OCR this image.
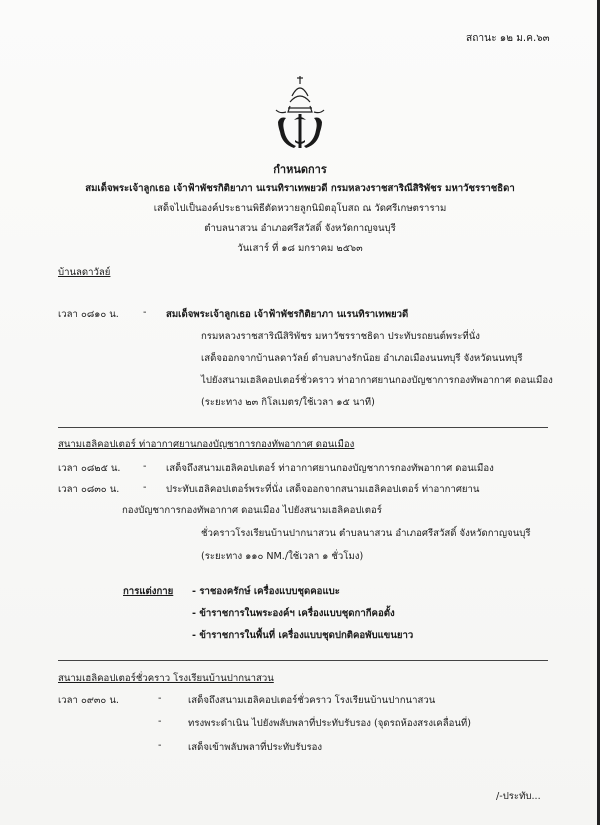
สถานะ ๑๒ ม.ค.๖๓
กำหนดการ
สมเด็จพระเจ้าลูกเธอ เจ้าฟ้าพัชรกิติยาภา นเรนทิราเทพยวดี กรมหลวงราชสาริณีสิริพัชร มหาวัชรราชธิดา
เสด็จไปเป็นองค์ประธานพิธีตัดหวายลูกนิมิตอุโบสถ ณ วัดศรีเกษตราราม
ตำบลนาสวน อำเภอศรีสวัสดิ์ จังหวัดกาญจนบุรี
วันเสาร์ ที่ ๑๘ มกราคม ๒๕๖๓
บ้านลดาวัลย์
เวลา ๐๘๑๐ น.	- สมเด็จพระเจ้าลูกเธอ เจ้าฟ้าพัชรกิติยาภา นเรนทิราเทพยวดี
กรมหลวงราชสาริณีสิริพัชร มหาวัชรราชธิดา ประทับรถยนต์พระที่นั่ง
เสด็จออกจากบ้านลดาวัลย์ ตำบลบางรักน้อย อำเภอเมืองนนทบุรี จังหวัดนนทบุรี
ไปยังสนามเฮลิคอปเตอร์ชั่วคราว ท่าอากาศยานกองบัญชาการกองทัพอากาศ ดอนเมือง
(ระยะทาง ๒๓ กิโลเมตร/ใช้เวลา ๑๕ นาที)
สนามเฮลิคอปเตอร์ ท่าอากาศยานกองบัญชาการกองทัพอากาศ ดอนเมือง
เวลา ๐๘๒๕ น. - เสด็จถึงสนามเฮลิคอปเตอร์ ท่าอากาศยานกองบัญชาการกองทัพอากาศ ดอนเมือง
เวลา ๐๘๓๐ น. - ประทับเฮลิคอปเตอร์พระที่นั่ง เสด็จออกจากสนามเฮลิคอปเตอร์ ท่าอากาศยาน
กองบัญชาการกองทัพอากาศ ดอนเมือง ไปยังสนามเฮลิคอปเตอร์
ชั่วคราวโรงเรียนบ้านปากนาสวน ตำบลนาสวน อำเภอศรีสวัสดิ์ จังหวัดกาญจนบุรี
(ระยะทาง ๑๑๐ NM./ใช้เวลา ๑ ชั่วโมง)
การแต่งกาย - ราชองครักษ์ เครื่องแบบชุดคอแบะ
- ข้าราชการในพระองค์ฯ เครื่องแบบชุดกากีคอตั้ง
- ข้าราชการในพื้นที่ เครื่องแบบชุดปกติคอพับแขนยาว
สนามเฮลิคอปเตอร์ชั่วคราว โรงเรียนบ้านปากนาสวน
เวลา ๐๙๓๐ น.	-	เสด็จถึงสนามเฮลิคอปเตอร์ชั่วคราว โรงเรียนบ้านปากนาสวน
-	ทรงพระดำเนิน ไปยังพลับพลาที่ประทับรับรอง (จุดรถห้องสรงเคลื่อนที่)
-	เสด็จเข้าพลับพลาที่ประทับรับรอง
/-ประทับ...
